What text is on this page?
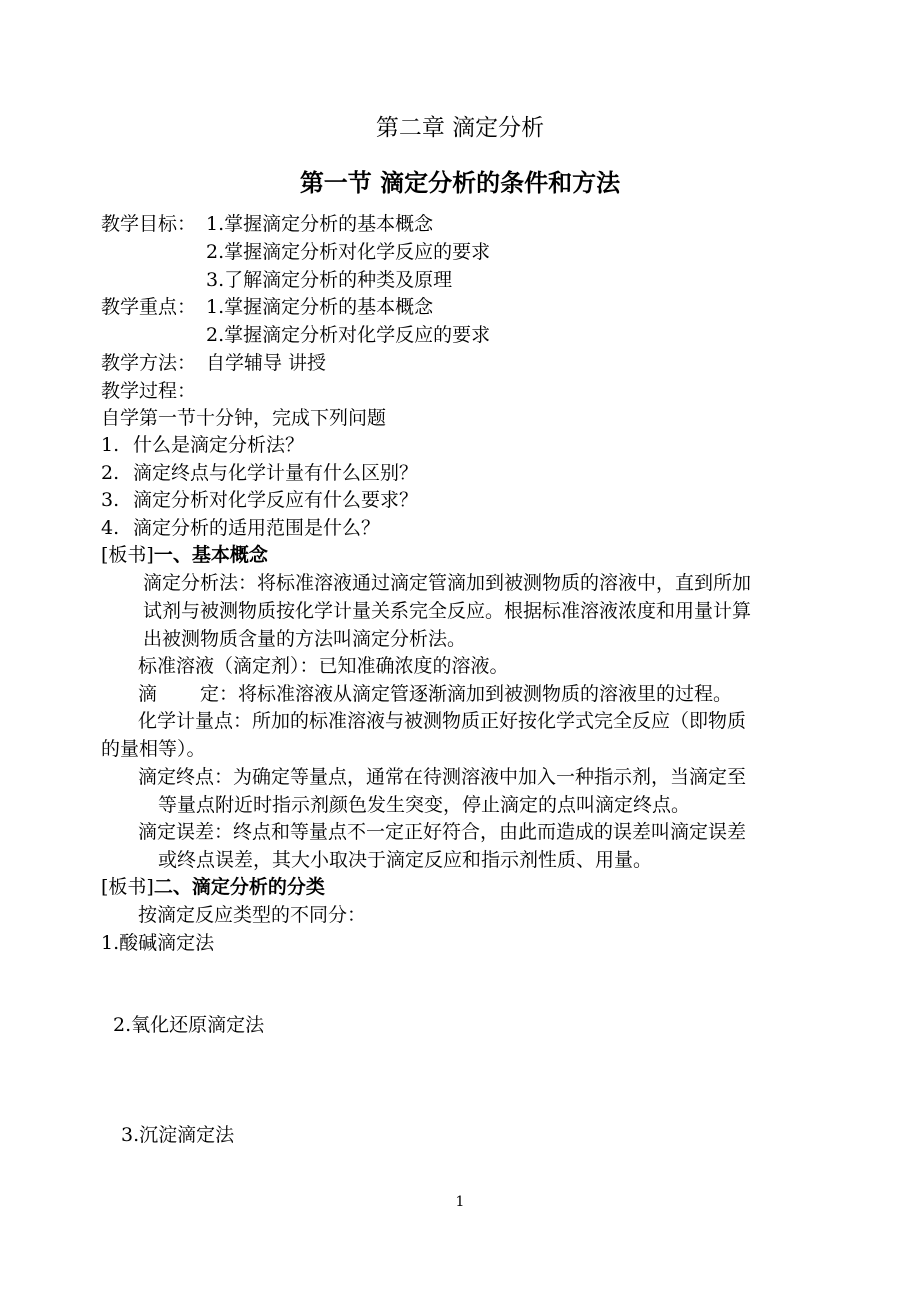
第二章 滴定分析
第一节 滴定分析的条件和方法
教学目标： 1.掌握滴定分析的基本概念
2.掌握滴定分析对化学反应的要求
3.了解滴定分析的种类及原理
教学重点： 1.掌握滴定分析的基本概念
2.掌握滴定分析对化学反应的要求
教学方法： 自学辅导 讲授
教学过程：
自学第一节十分钟，完成下列问题
1. 什么是滴定分析法？
2. 滴定终点与化学计量有什么区别？
3. 滴定分析对化学反应有什么要求？
4. 滴定分析的适用范围是什么？
[板书]一、基本概念
滴定分析法：将标准溶液通过滴定管滴加到被测物质的溶液中，直到所加
试剂与被测物质按化学计量关系完全反应。根据标准溶液浓度和用量计算
出被测物质含量的方法叫滴定分析法。
标准溶液（滴定剂）：已知准确浓度的溶液。
滴 定：将标准溶液从滴定管逐渐滴加到被测物质的溶液里的过程。
化学计量点：所加的标准溶液与被测物质正好按化学式完全反应（即物质
的量相等）。
滴定终点：为确定等量点，通常在待测溶液中加入一种指示剂，当滴定至
等量点附近时指示剂颜色发生突变，停止滴定的点叫滴定终点。
滴定误差：终点和等量点不一定正好符合，由此而造成的误差叫滴定误差
或终点误差，其大小取决于滴定反应和指示剂性质、用量。
[板书]二、滴定分析的分类
按滴定反应类型的不同分：
1.酸碱滴定法
2.氧化还原滴定法
3.沉淀滴定法
1
